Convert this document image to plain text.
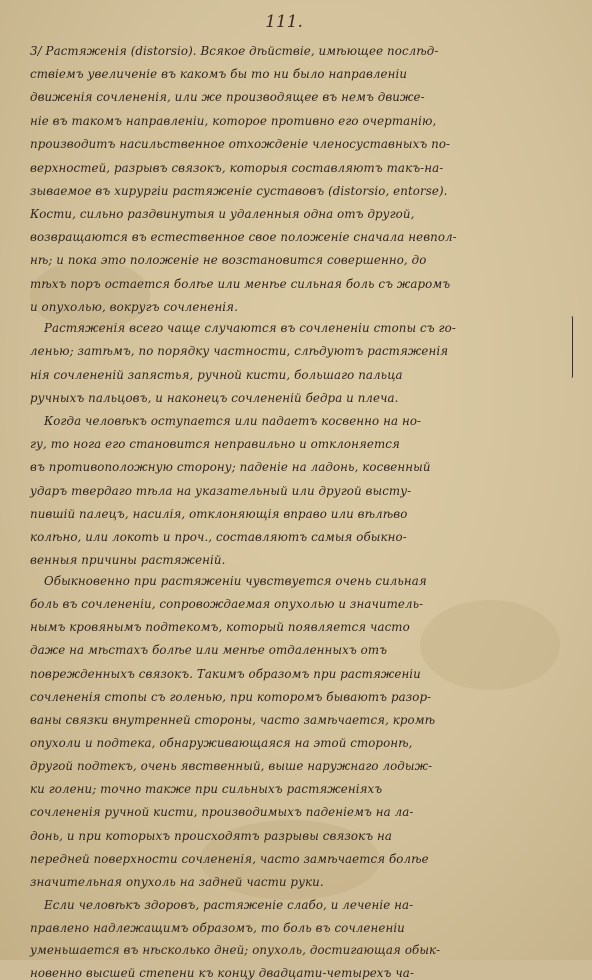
111.
3/ Растяженія (distorsio). Всякое дѣйствіе, имѣющее послѣд-
ствіемъ увеличеніе въ какомъ бы то ни было направленіи
движенія сочлененія, или же производящее въ немъ движе-
ніе въ такомъ направленіи, которое противно его очертанію,
производитъ насильственное отхожденіе членосуставныхъ по-
верхностей, разрывъ связокъ, которыя составляютъ такъ-на-
зываемое въ хирургіи растяженіе суставовъ (distorsio, entorse).
Кости, сильно раздвинутыя и удаленныя одна отъ другой,
возвращаются въ естественное свое положеніе сначала невпол-
нѣ; и пока это положеніе не возстановится совершенно, до
тѣхъ поръ остается болѣе или менѣе сильная боль съ жаромъ
и опухолью, вокругъ сочлененія.
Растяженія всего чаще случаются въ сочлененіи стопы съ го-
ленью; затѣмъ, по порядку частности, слѣдуютъ растяженія
нія сочлененій запястья, ручной кисти, большаго пальца
ручныхъ пальцовъ, и наконецъ сочлененій бедра и плеча.
Когда человѣкъ оступается или падаетъ косвенно на но-
гу, то нога его становится неправильно и отклоняется
въ противоположную сторону; паденіе на ладонь, косвенный
ударъ твердаго тѣла на указательный или другой высту-
пившій палецъ, насилія, отклоняющія вправо или вѣлѣво
колѣно, или локоть и проч., составляютъ самыя обыкно-
венныя причины растяженій.
Обыкновенно при растяженіи чувствуется очень сильная
боль въ сочлененіи, сопровождаемая опухолью и значитель-
нымъ кровянымъ подтекомъ, который появляется часто
даже на мѣстахъ болѣе или менѣе отдаленныхъ отъ
поврежденныхъ связокъ. Такимъ образомъ при растяженіи
сочлененія стопы съ голенью, при которомъ бываютъ разор-
ваны связки внутренней стороны, часто замѣчается, кромѣ
опухоли и подтека, обнаруживающаяся на этой сторонѣ,
другой подтекъ, очень явственный, выше наружнаго лодыж-
ки голени; точно также при сильныхъ растяженіяхъ
сочлененія ручной кисти, производимыхъ паденіемъ на ла-
донь, и при которыхъ происходятъ разрывы связокъ на
передней поверхности сочлененія, часто замѣчается болѣе
значительная опухоль на задней части руки.
Если человѣкъ здоровъ, растяженіе слабо, и леченіе на-
правлено надлежащимъ образомъ, то боль въ сочлененіи
уменьшается въ нѣсколько дней; опухоль, достигающая обык-
новенно высшей степени къ концу двадцати-четырехъ ча-
